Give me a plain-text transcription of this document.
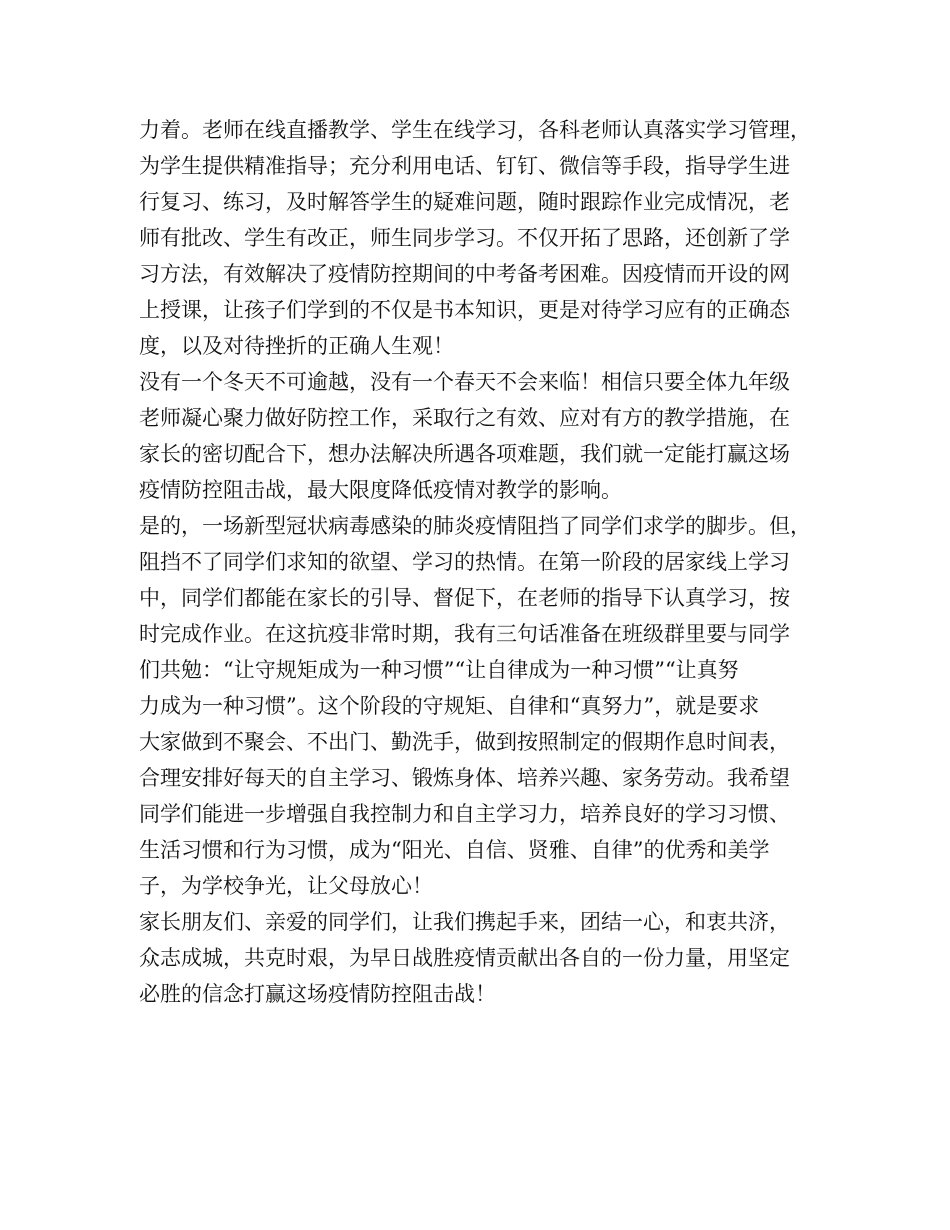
力着。老师在线直播教学、学生在线学习，各科老师认真落实学习管理，
为学生提供精准指导；充分利用电话、钉钉、微信等手段，指导学生进
行复习、练习，及时解答学生的疑难问题，随时跟踪作业完成情况，老
师有批改、学生有改正，师生同步学习。不仅开拓了思路，还创新了学
习方法，有效解决了疫情防控期间的中考备考困难。因疫情而开设的网
上授课，让孩子们学到的不仅是书本知识，更是对待学习应有的正确态
度，以及对待挫折的正确人生观！
没有一个冬天不可逾越，没有一个春天不会来临！相信只要全体九年级
老师凝心聚力做好防控工作，采取行之有效、应对有方的教学措施，在
家长的密切配合下，想办法解决所遇各项难题，我们就一定能打赢这场
疫情防控阻击战，最大限度降低疫情对教学的影响。
是的，一场新型冠状病毒感染的肺炎疫情阻挡了同学们求学的脚步。但，
阻挡不了同学们求知的欲望、学习的热情。在第一阶段的居家线上学习
中，同学们都能在家长的引导、督促下，在老师的指导下认真学习，按
时完成作业。在这抗疫非常时期，我有三句话准备在班级群里要与同学
们共勉：“让守规矩成为一种习惯”“让自律成为一种习惯”“让真努
力成为一种习惯”。这个阶段的守规矩、自律和“真努力”，就是要求
大家做到不聚会、不出门、勤洗手，做到按照制定的假期作息时间表，
合理安排好每天的自主学习、锻炼身体、培养兴趣、家务劳动。我希望
同学们能进一步增强自我控制力和自主学习力，培养良好的学习习惯、
生活习惯和行为习惯，成为“阳光、自信、贤雅、自律”的优秀和美学
子，为学校争光，让父母放心！
家长朋友们、亲爱的同学们，让我们携起手来，团结一心，和衷共济，
众志成城，共克时艰，为早日战胜疫情贡献出各自的一份力量，用坚定
必胜的信念打赢这场疫情防控阻击战！
